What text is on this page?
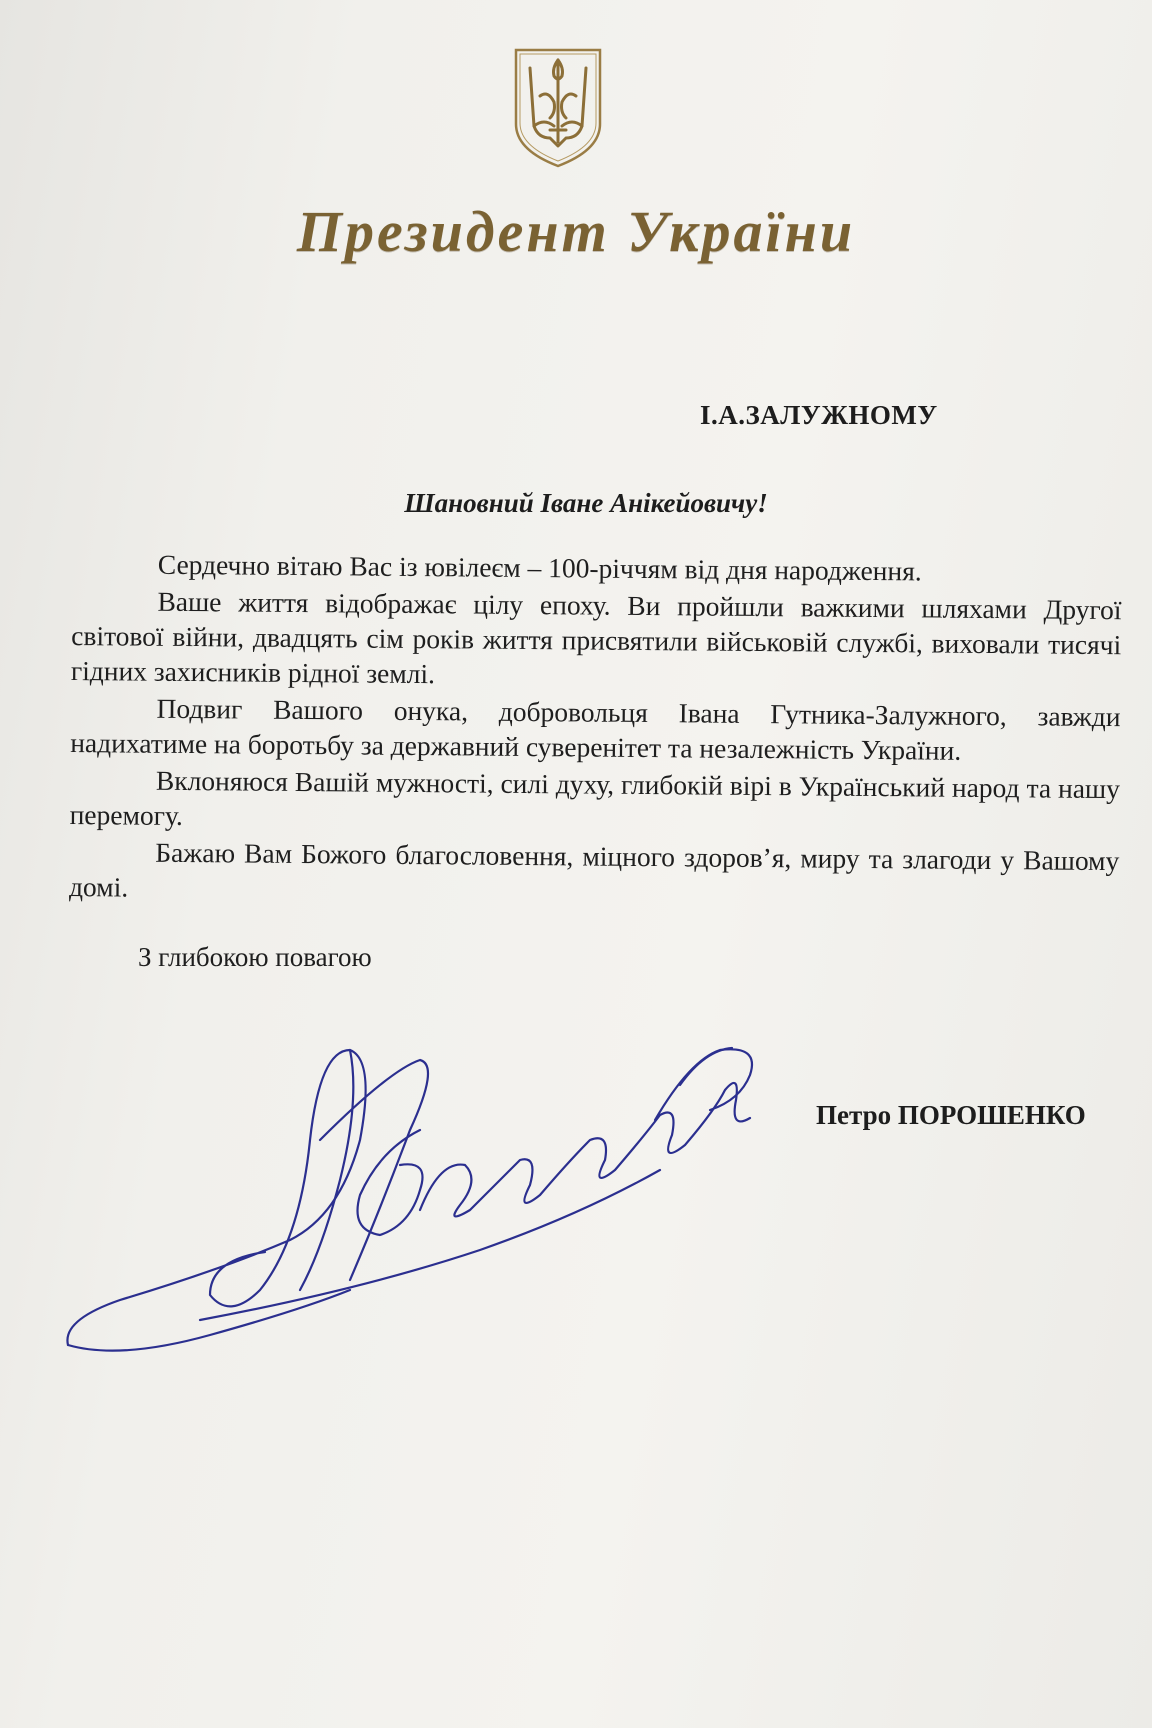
Президент України
І.А.ЗАЛУЖНОМУ
Шановний Іване Анікейовичу!

Сердечно вітаю Вас із ювілеєм – 100-річчям від дня народження.

Ваше життя відображає цілу епоху. Ви пройшли важкими шляхами Другої світової війни, двадцять сім років життя присвятили військовій службі, виховали тисячі гідних захисників рідної землі.

Подвиг Вашого онука, добровольця Івана Гутника-Залужного, завжди надихатиме на боротьбу за державний суверенітет та незалежність України.

Вклоняюся Вашій мужності, силі духу, глибокій вірі в Український народ та нашу перемогу.

Бажаю Вам Божого благословення, міцного здоров’я, миру та злагоди у Вашому домі.

З глибокою повагою
Петро ПОРОШЕНКО
